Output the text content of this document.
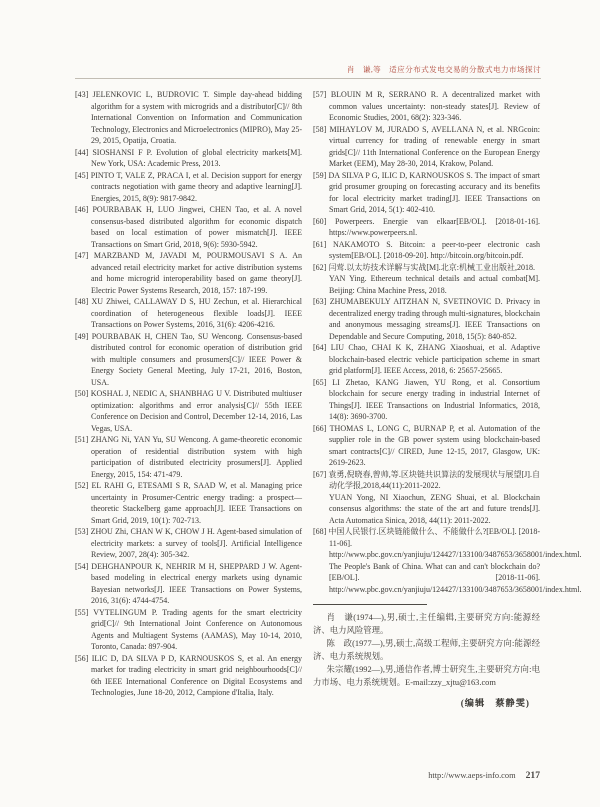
肖　谦,等　适应分布式发电交易的分散式电力市场探讨
[43] JELENKOVIC L, BUDROVIC T. Simple day-ahead bidding algorithm for a system with microgrids and a distributor[C]// 8th International Convention on Information and Communication Technology, Electronics and Microelectronics (MIPRO), May 25-29, 2015, Opatija, Croatia.
[44] SIOSHANSI F P. Evolution of global electricity markets[M]. New York, USA: Academic Press, 2013.
[45] PINTO T, VALE Z, PRACA I, et al. Decision support for energy contracts negotiation with game theory and adaptive learning[J]. Energies, 2015, 8(9): 9817-9842.
[46] POURBABAK H, LUO Jingwei, CHEN Tao, et al. A novel consensus-based distributed algorithm for economic dispatch based on local estimation of power mismatch[J]. IEEE Transactions on Smart Grid, 2018, 9(6): 5930-5942.
[47] MARZBAND M, JAVADI M, POURMOUSAVI S A. An advanced retail electricity market for active distribution systems and home microgrid interoperability based on game theory[J]. Electric Power Systems Research, 2018, 157: 187-199.
[48] XU Zhiwei, CALLAWAY D S, HU Zechun, et al. Hierarchical coordination of heterogeneous flexible loads[J]. IEEE Transactions on Power Systems, 2016, 31(6): 4206-4216.
[49] POURBABAK H, CHEN Tao, SU Wencong. Consensus-based distributed control for economic operation of distribution grid with multiple consumers and prosumers[C]// IEEE Power & Energy Society General Meeting, July 17-21, 2016, Boston, USA.
[50] KOSHAL J, NEDIC A, SHANBHAG U V. Distributed multiuser optimization: algorithms and error analysis[C]// 55th IEEE Conference on Decision and Control, December 12-14, 2016, Las Vegas, USA.
[51] ZHANG Ni, YAN Yu, SU Wencong. A game-theoretic economic operation of residential distribution system with high participation of distributed electricity prosumers[J]. Applied Energy, 2015, 154: 471-479.
[52] EL RAHI G, ETESAMI S R, SAAD W, et al. Managing price uncertainty in Prosumer-Centric energy trading: a prospect—theoretic Stackelberg game approach[J]. IEEE Transactions on Smart Grid, 2019, 10(1): 702-713.
[53] ZHOU Zhi, CHAN W K, CHOW J H. Agent-based simulation of electricity markets: a survey of tools[J]. Artificial Intelligence Review, 2007, 28(4): 305-342.
[54] DEHGHANPOUR K, NEHRIR M H, SHEPPARD J W. Agent-based modeling in electrical energy markets using dynamic Bayesian networks[J]. IEEE Transactions on Power Systems, 2016, 31(6): 4744-4754.
[55] VYTELINGUM P. Trading agents for the smart electricity grid[C]// 9th International Joint Conference on Autonomous Agents and Multiagent Systems (AAMAS), May 10-14, 2010, Toronto, Canada: 897-904.
[56] ILIC D, DA SILVA P D, KARNOUSKOS S, et al. An energy market for trading electricity in smart grid neighbourhoods[C]// 6th IEEE International Conference on Digital Ecosystems and Technologies, June 18-20, 2012, Campione d'Italia, Italy.
[57] BLOUIN M R, SERRANO R. A decentralized market with common values uncertainty: non-steady states[J]. Review of Economic Studies, 2001, 68(2): 323-346.
[58] MIHAYLOV M, JURADO S, AVELLANA N, et al. NRGcoin: virtual currency for trading of renewable energy in smart grids[C]// 11th International Conference on the European Energy Market (EEM), May 28-30, 2014, Krakow, Poland.
[59] DA SILVA P G, ILIC D, KARNOUSKOS S. The impact of smart grid prosumer grouping on forecasting accuracy and its benefits for local electricity market trading[J]. IEEE Transactions on Smart Grid, 2014, 5(1): 402-410.
[60] Powerpeers. Energie van elkaar[EB/OL]. [2018-01-16]. https://www.powerpeers.nl.
[61] NAKAMOTO S. Bitcoin: a peer-to-peer electronic cash system[EB/OL]. [2018-09-20]. http://bitcoin.org/bitcoin.pdf.
[62] 闫莺.以太坊技术详解与实战[M].北京:机械工业出版社,2018.
YAN Ying. Ethereum technical details and actual combat[M]. Beijing: China Machine Press, 2018.
[63] ZHUMABEKULY AITZHAN N, SVETINOVIC D. Privacy in decentralized energy trading through multi-signatures, blockchain and anonymous messaging streams[J]. IEEE Transactions on Dependable and Secure Computing, 2018, 15(5): 840-852.
[64] LIU Chao, CHAI K K, ZHANG Xiaoshuai, et al. Adaptive blockchain-based electric vehicle participation scheme in smart grid platform[J]. IEEE Access, 2018, 6: 25657-25665.
[65] LI Zhetao, KANG Jiawen, YU Rong, et al. Consortium blockchain for secure energy trading in industrial Internet of Things[J]. IEEE Transactions on Industrial Informatics, 2018, 14(8): 3690-3700.
[66] THOMAS L, LONG C, BURNAP P, et al. Automation of the supplier role in the GB power system using blockchain-based smart contracts[C]// CIRED, June 12-15, 2017, Glasgow, UK: 2619-2623.
[67] 袁勇,倪晓春,曾帅,等.区块链共识算法的发展现状与展望[J].自动化学报,2018,44(11):2011-2022.
YUAN Yong, NI Xiaochun, ZENG Shuai, et al. Blockchain consensus algorithms: the state of the art and future trends[J]. Acta Automatica Sinica, 2018, 44(11): 2011-2022.
[68] 中国人民银行.区块链能做什么、不能做什么?[EB/OL]. [2018-11-06]. http://www.pbc.gov.cn/yanjiuju/124427/133100/3487653/3658001/index.html.
The People's Bank of China. What can and can't blockchain do?[EB/OL]. [2018-11-06]. http://www.pbc.gov.cn/yanjiuju/124427/133100/3487653/3658001/index.html.

肖　谦(1974—),男,硕士,主任编辑,主要研究方向:能源经济、电力风险管理。

陈　政(1977—),男,硕士,高级工程师,主要研究方向:能源经济、电力系统规划。

朱宗耀(1992—),男,通信作者,博士研究生,主要研究方向:电力市场、电力系统规划。E-mail:zzy_xjtu@163.com

(编辑　蔡静雯)
http://www.aeps-info.com 217
